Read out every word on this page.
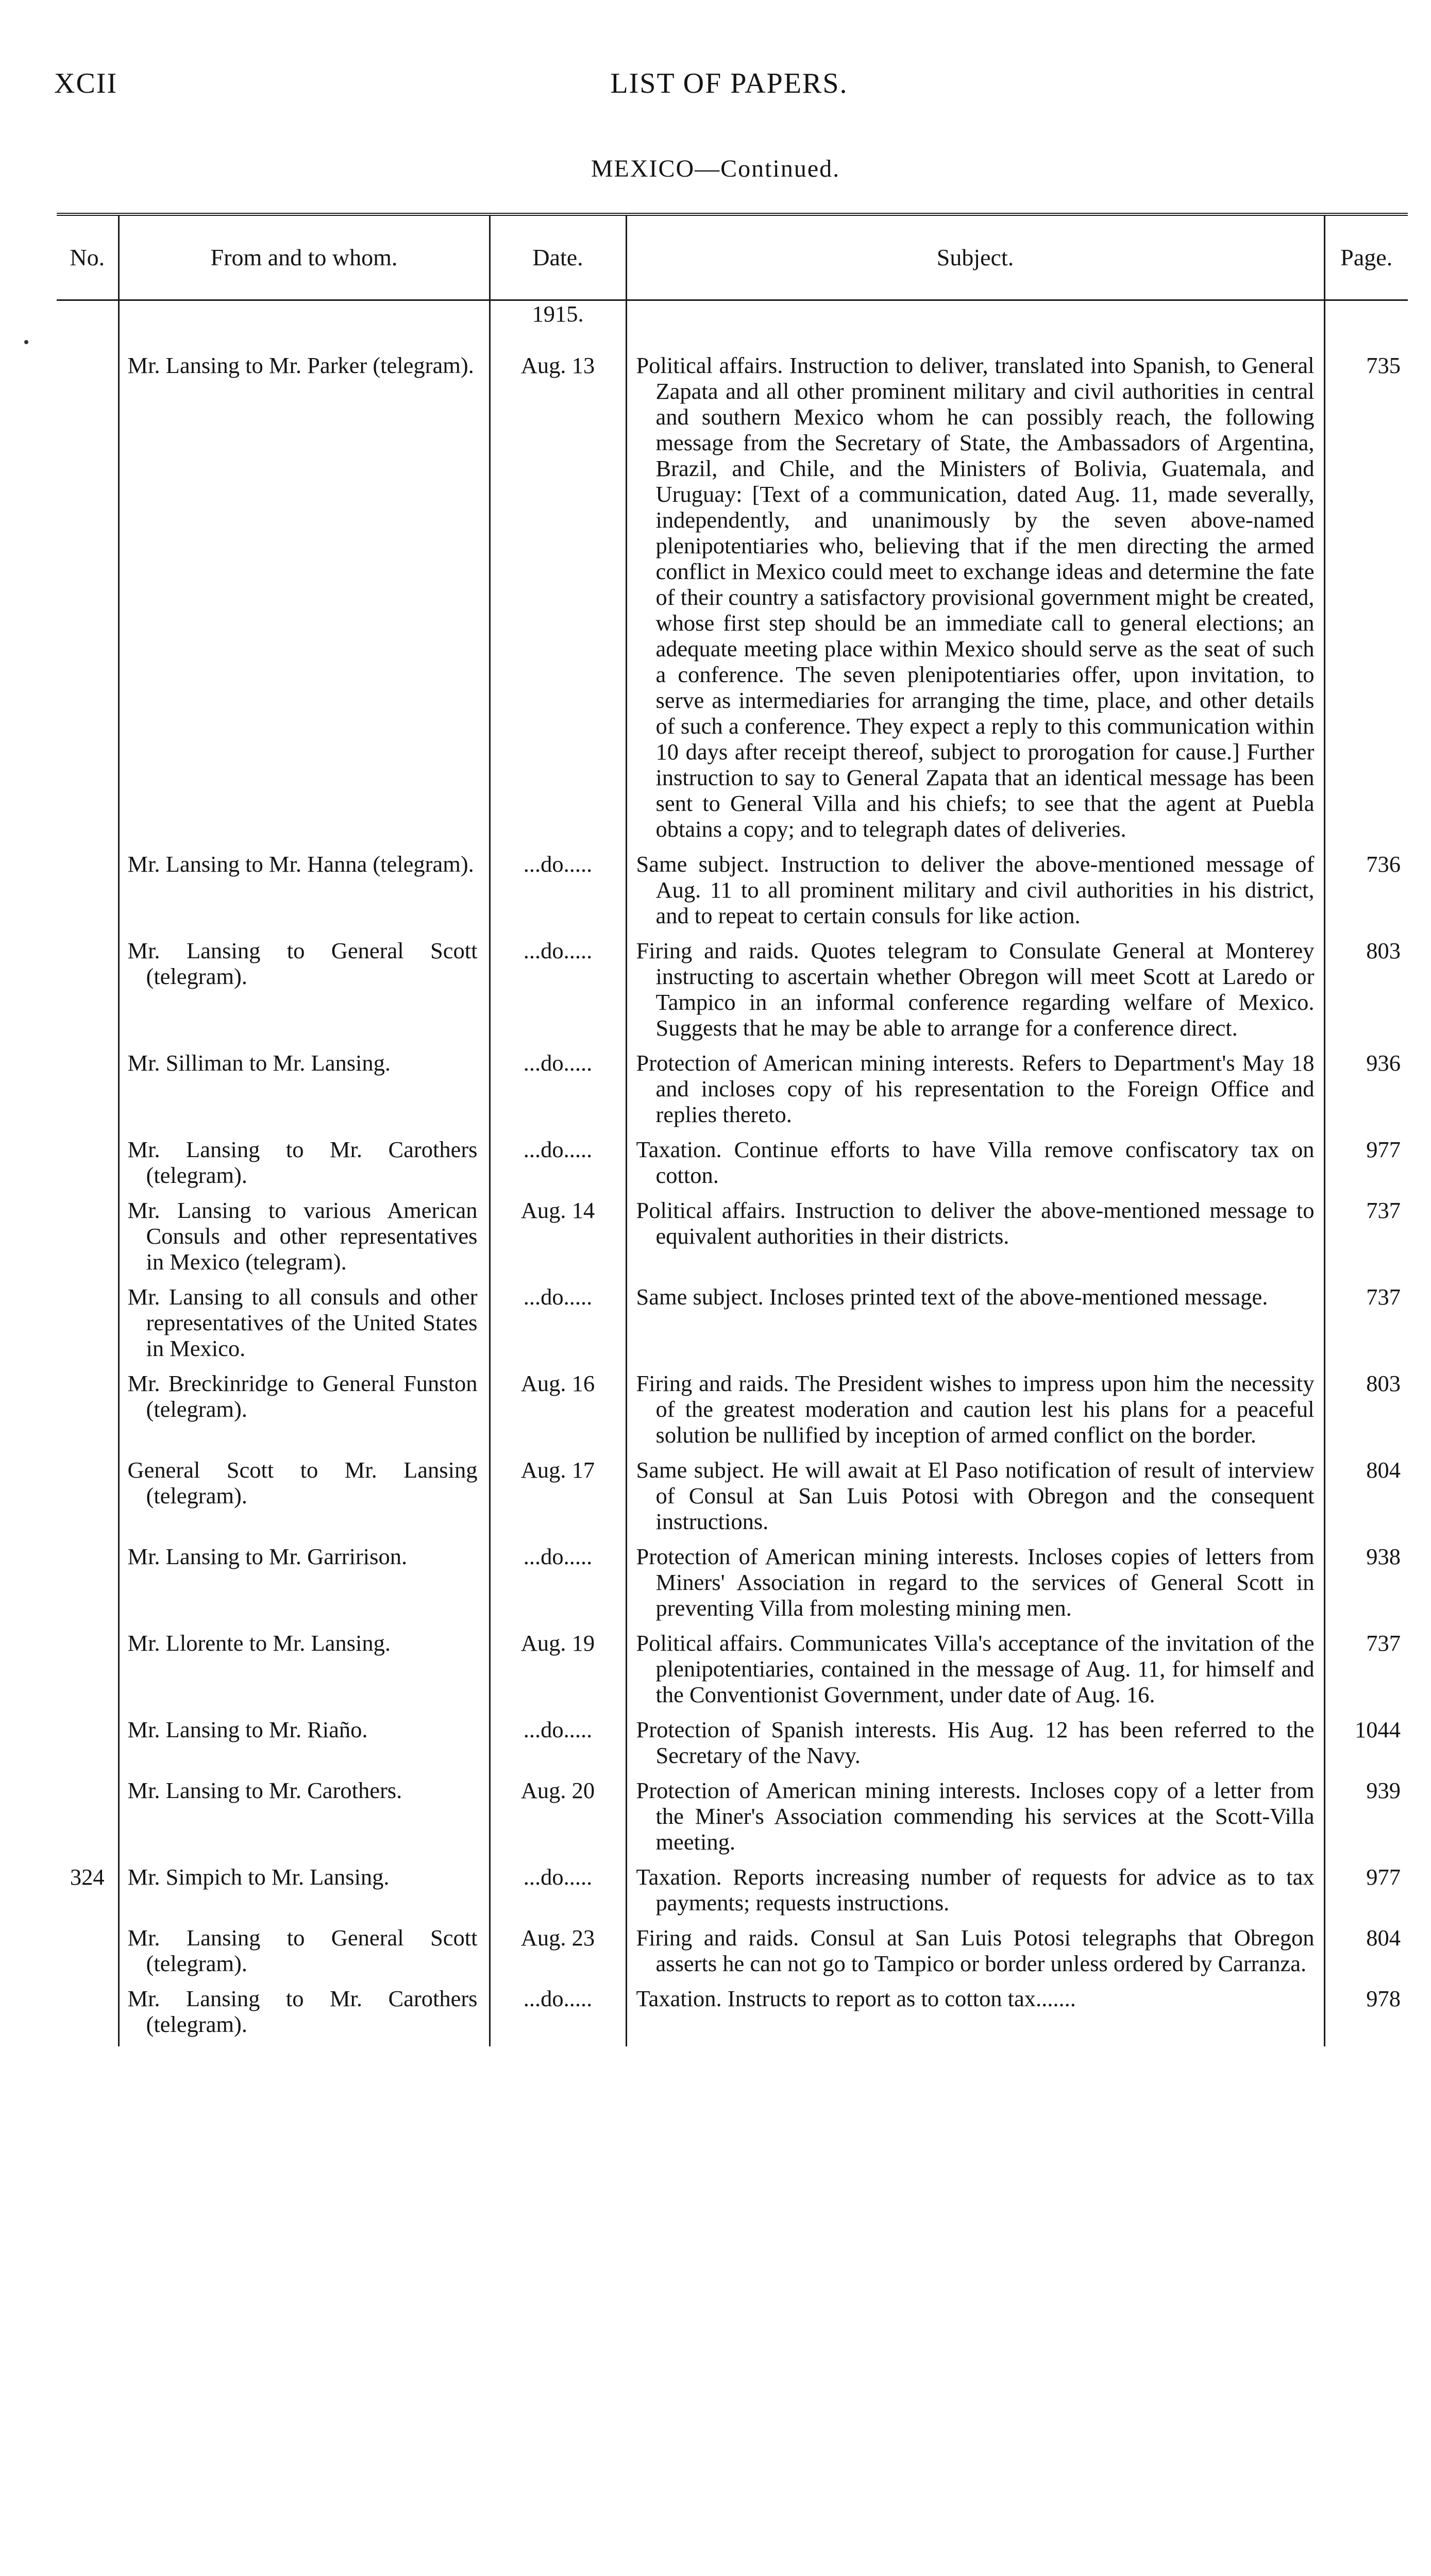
XCII	LIST OF PAPERS.
MEXICO—Continued.
No.	From and to whom.	Date.	Subject.	Page.
		1915.		
	Mr. Lansing to Mr. Parker (telegram).	Aug. 13	Political affairs. Instruction to deliver, translated into Spanish, to General Zapata and all other prominent military and civil authorities in central and southern Mexico whom he can possibly reach, the following message from the Secretary of State, the Ambassadors of Argentina, Brazil, and Chile, and the Ministers of Bolivia, Guatemala, and Uruguay: [Text of a communication, dated Aug. 11, made severally, independently, and unanimously by the seven above-named plenipotentiaries who, believing that if the men directing the armed conflict in Mexico could meet to exchange ideas and determine the fate of their country a satisfactory provisional government might be created, whose first step should be an immediate call to general elections; an adequate meeting place within Mexico should serve as the seat of such a conference. The seven plenipotentiaries offer, upon invitation, to serve as intermediaries for arranging the time, place, and other details of such a conference. They expect a reply to this communication within 10 days after receipt thereof, subject to prorogation for cause.] Further instruction to say to General Zapata that an identical message has been sent to General Villa and his chiefs; to see that the agent at Puebla obtains a copy; and to telegraph dates of deliveries.	735
	Mr. Lansing to Mr. Hanna (telegram).	...do.....	Same subject. Instruction to deliver the above-mentioned message of Aug. 11 to all prominent military and civil authorities in his district, and to repeat to certain consuls for like action.	736
	Mr. Lansing to General Scott (telegram).	...do.....	Firing and raids. Quotes telegram to Consulate General at Monterey instructing to ascertain whether Obregon will meet Scott at Laredo or Tampico in an informal conference regarding welfare of Mexico. Suggests that he may be able to arrange for a conference direct.	803
	Mr. Silliman to Mr. Lansing.	...do.....	Protection of American mining interests. Refers to Department's May 18 and incloses copy of his representation to the Foreign Office and replies thereto.	936
	Mr. Lansing to Mr. Carothers (telegram).	...do.....	Taxation. Continue efforts to have Villa remove confiscatory tax on cotton.	977
	Mr. Lansing to various American Consuls and other representatives in Mexico (telegram).	Aug. 14	Political affairs. Instruction to deliver the above-mentioned message to equivalent authorities in their districts.	737
	Mr. Lansing to all consuls and other representatives of the United States in Mexico.	...do.....	Same subject. Incloses printed text of the above-mentioned message.	737
	Mr. Breckinridge to General Funston (telegram).	Aug. 16	Firing and raids. The President wishes to impress upon him the necessity of the greatest moderation and caution lest his plans for a peaceful solution be nullified by inception of armed conflict on the border.	803
	General Scott to Mr. Lansing (telegram).	Aug. 17	Same subject. He will await at El Paso notification of result of interview of Consul at San Luis Potosi with Obregon and the consequent instructions.	804
	Mr. Lansing to Mr. Garririson.	...do.....	Protection of American mining interests. Incloses copies of letters from Miners' Association in regard to the services of General Scott in preventing Villa from molesting mining men.	938
	Mr. Llorente to Mr. Lansing.	Aug. 19	Political affairs. Communicates Villa's acceptance of the invitation of the plenipotentiaries, contained in the message of Aug. 11, for himself and the Conventionist Government, under date of Aug. 16.	737
	Mr. Lansing to Mr. Riaño.	...do.....	Protection of Spanish interests. His Aug. 12 has been referred to the Secretary of the Navy.	1044
	Mr. Lansing to Mr. Carothers.	Aug. 20	Protection of American mining interests. Incloses copy of a letter from the Miner's Association commending his services at the Scott-Villa meeting.	939
324	Mr. Simpich to Mr. Lansing.	...do.....	Taxation. Reports increasing number of requests for advice as to tax payments; requests instructions.	977
	Mr. Lansing to General Scott (telegram).	Aug. 23	Firing and raids. Consul at San Luis Potosi telegraphs that Obregon asserts he can not go to Tampico or border unless ordered by Carranza.	804
	Mr. Lansing to Mr. Carothers (telegram).	...do.....	Taxation. Instructs to report as to cotton tax.......	978
